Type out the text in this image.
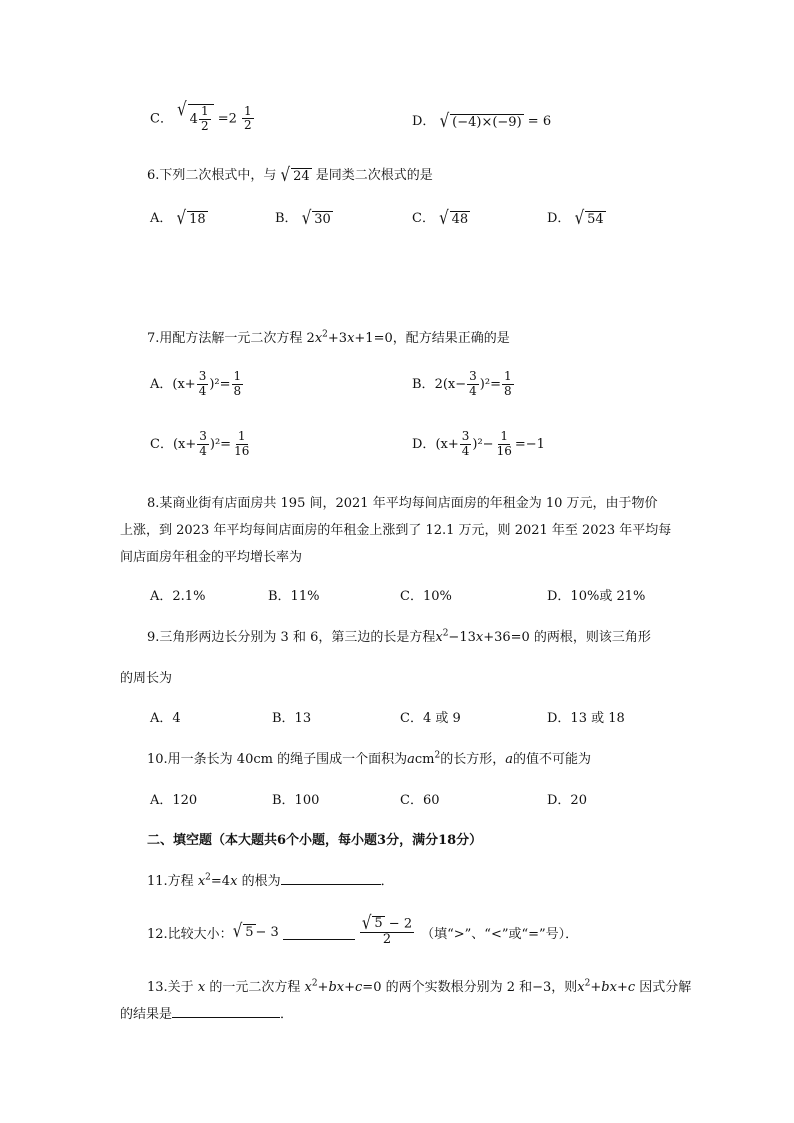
C． √ $4 \frac{1}{2} =2 \frac{1}{2}$	D． √ (−4)×(−9) = 6
6.下列二次根式中，与 √ 24 是同类二次根式的是
A． √ 18	B． √ 30	C． √ 48	D． √ 54
7.用配方法解一元二次方程 $2x^2+3x+1=0$，配方结果正确的是
A．$(x+ \frac{3}{4} )^2= \frac{1}{8}$	B．$2(x- \frac{3}{4} )^2= \frac{1}{8}$
C．$(x+ \frac{3}{4} )^2= \frac{1}{16}$	D．$(x+ \frac{3}{4} )^2- \frac{1}{16} =-1$
8.某商业街有店面房共 195 间，2021 年平均每间店面房的年租金为 10 万元，由于物价
上涨，到 2023 年平均每间店面房的年租金上涨到了 12.1 万元，则 2021 年至 2023 年平均每
间店面房年租金的平均增长率为
A．2.1%	B．11%	C．10%	D．10%或 21%
9.三角形两边长分别为 3 和 6，第三边的长是方程$x^2-13x+36=0$ 的两根，则该三角形
的周长为
A．4	B．13	C．4 或 9	D．13 或 18
10.用一条长为 40cm 的绳子围成一个面积为acm$^2$的长方形，a的值不可能为
A．120	B．100	C．60	D．20
二、填空题（本大题共6个小题，每小题3分，满分18分）
11.方程 $x^2=4x$ 的根为	．
12.比较大小： √ 5 − 3	$\frac{√ 5 - 2}{2}$ （填“>”、“<”或“=”号）．
13.关于 x 的一元二次方程 $x^2+bx+c=0$ 的两个实数根分别为 2 和−3，则$x^2+bx+c$ 因式分解
的结果是	．
